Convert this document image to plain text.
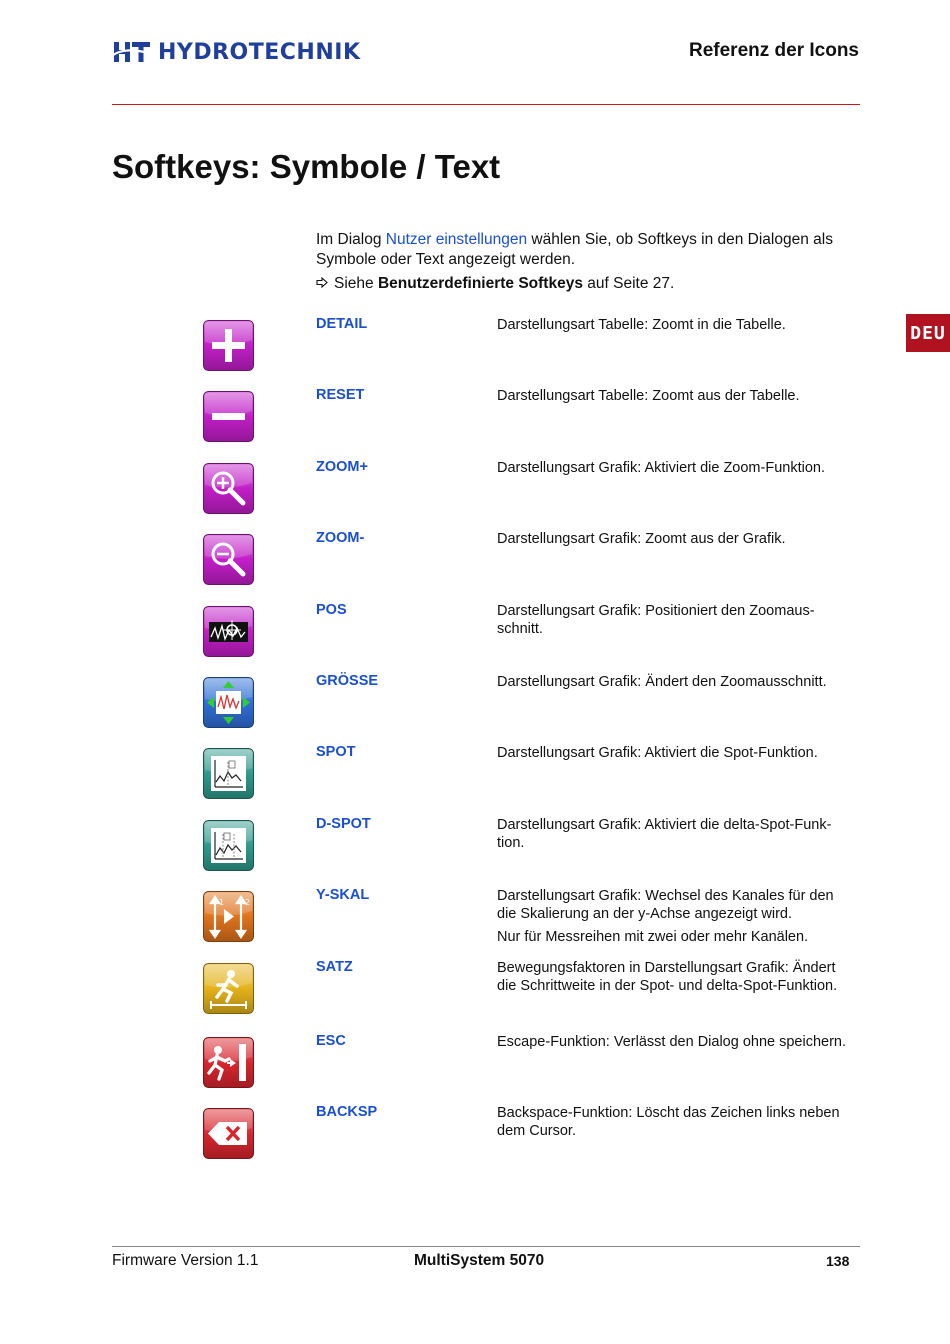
HYDROTECHNIK	Referenz der Icons
Softkeys: Symbole / Text
DEU

Im Dialog Nutzer einstellungen wählen Sie, ob Softkeys in den Dialogen als Symbole oder Text angezeigt werden.

Siehe Benutzerdefinierte Softkeys auf Seite 27.

DETAIL	Darstellungsart Tabelle: Zoomt in die Tabelle.

RESET	Darstellungsart Tabelle: Zoomt aus der Tabelle.

ZOOM+	Darstellungsart Grafik: Aktiviert die Zoom-Funktion.

ZOOM-	Darstellungsart Grafik: Zoomt aus der Grafik.

POS	Darstellungsart Grafik: Positioniert den Zoomaus-
schnitt.

GRÖSSE	Darstellungsart Grafik: Ändert den Zoomausschnitt.

SPOT	Darstellungsart Grafik: Aktiviert die Spot-Funktion.

D-SPOT	Darstellungsart Grafik: Aktiviert die delta-Spot-Funk-
tion.

1	2	Y-SKAL	Darstellungsart Grafik: Wechsel des Kanales für den
die Skalierung an der y-Achse angezeigt wird.

Nur für Messreihen mit zwei oder mehr Kanälen.

SATZ	Bewegungsfaktoren in Darstellungsart Grafik: Ändert
die Schrittweite in der Spot- und delta-Spot-Funktion.

ESC	Escape-Funktion: Verlässt den Dialog ohne speichern.

BACKSP	Backspace-Funktion: Löscht das Zeichen links neben
dem Cursor.

Firmware Version 1.1	MultiSystem 5070	138
